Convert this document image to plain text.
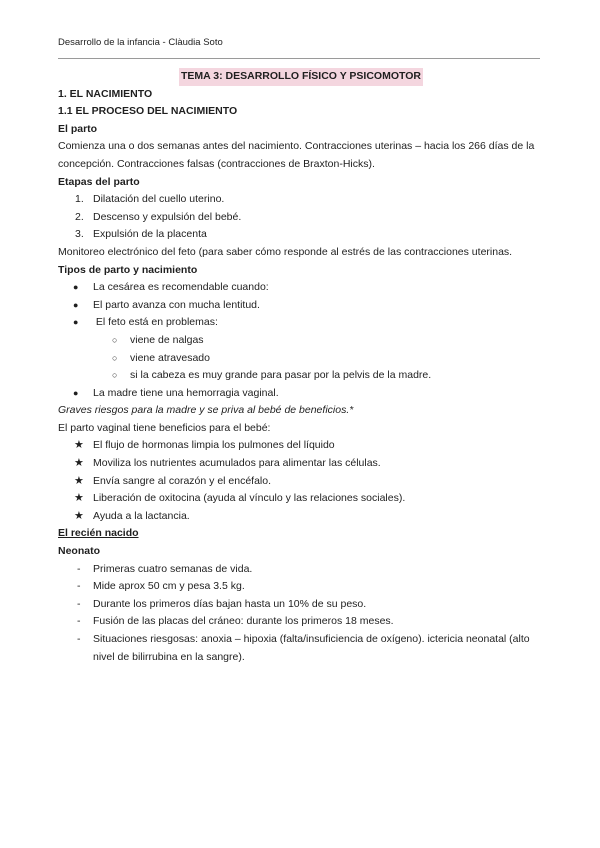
Desarrollo de la infancia - Clàudia Soto
TEMA 3: DESARROLLO FÍSICO Y PSICOMOTOR
1. EL NACIMIENTO
1.1 EL PROCESO DEL NACIMIENTO
El parto
Comienza una o dos semanas antes del nacimiento. Contracciones uterinas – hacia los 266 días de la concepción. Contracciones falsas (contracciones de Braxton-Hicks).
Etapas del parto
1. Dilatación del cuello uterino.
2. Descenso y expulsión del bebé.
3. Expulsión de la placenta
Monitoreo electrónico del feto (para saber cómo responde al estrés de las contracciones uterinas.
Tipos de parto y nacimiento
● La cesárea es recomendable cuando:
● El parto avanza con mucha lentitud.
● El feto está en problemas:
○ viene de nalgas
○ viene atravesado
○ si la cabeza es muy grande para pasar por la pelvis de la madre.
● La madre tiene una hemorragia vaginal.
Graves riesgos para la madre y se priva al bebé de beneficios.*
El parto vaginal tiene beneficios para el bebé:
★ El flujo de hormonas limpia los pulmones del líquido
★ Moviliza los nutrientes acumulados para alimentar las células.
★ Envía sangre al corazón y el encéfalo.
★ Liberación de oxitocina (ayuda al vínculo y las relaciones sociales).
★ Ayuda a la lactancia.
El recién nacido
Neonato
- Primeras cuatro semanas de vida.
- Mide aprox 50 cm y pesa 3.5 kg.
- Durante los primeros días bajan hasta un 10% de su peso.
- Fusión de las placas del cráneo: durante los primeros 18 meses.
- Situaciones riesgosas: anoxia – hipoxia (falta/insuficiencia de oxígeno). ictericia neonatal (alto nivel de bilirrubina en la sangre).
